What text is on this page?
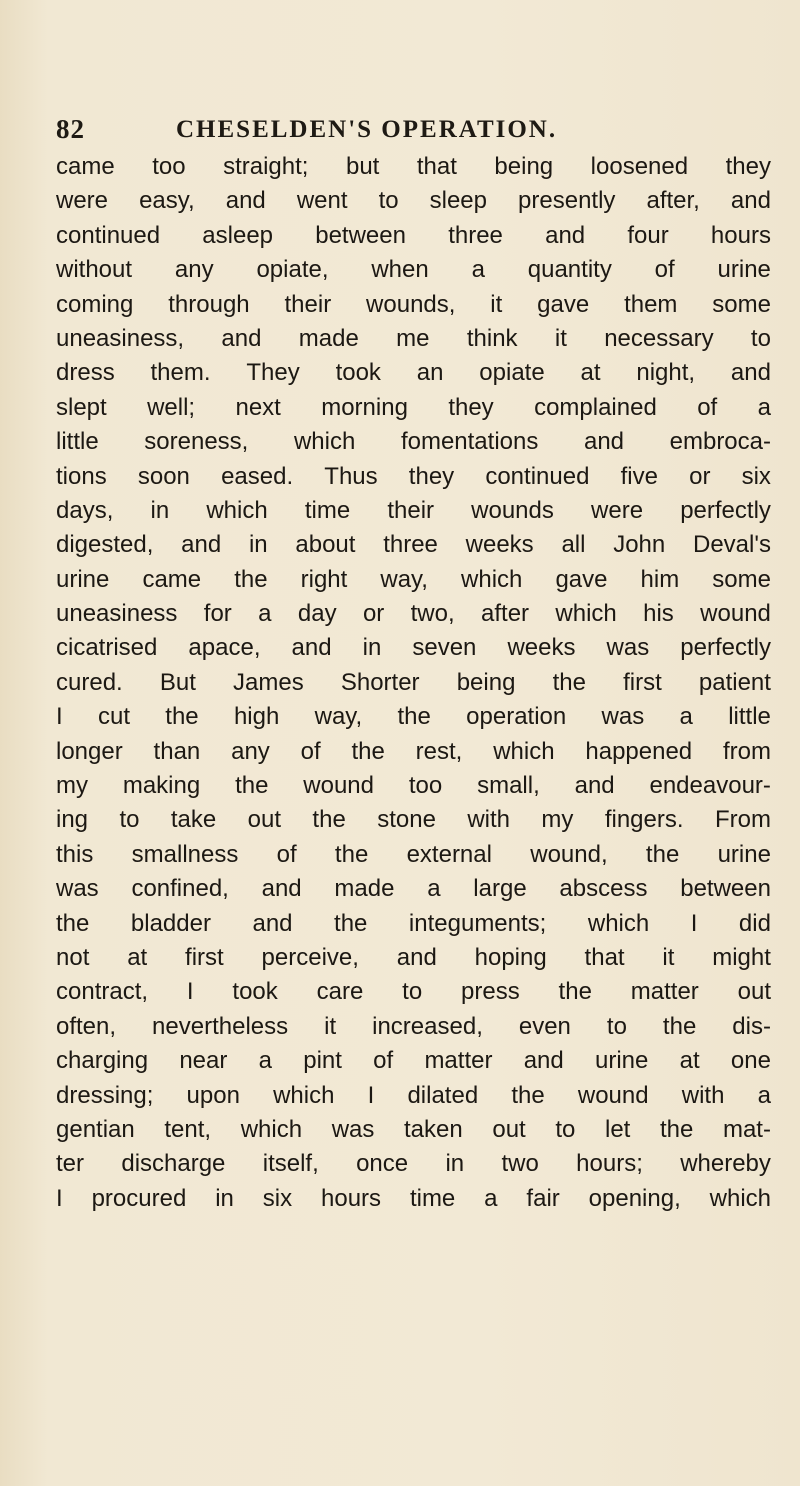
82	CHESELDEN'S OPERATION.
came too straight; but that being loosened they
were easy, and went to sleep presently after, and
continued asleep between three and four hours
without any opiate, when a quantity of urine
coming through their wounds, it gave them some
uneasiness, and made me think it necessary to
dress them. They took an opiate at night, and
slept well; next morning they complained of a
little soreness, which fomentations and embroca-
tions soon eased. Thus they continued five or six
days, in which time their wounds were perfectly
digested, and in about three weeks all John Deval's
urine came the right way, which gave him some
uneasiness for a day or two, after which his wound
cicatrised apace, and in seven weeks was perfectly
cured. But James Shorter being the first patient
I cut the high way, the operation was a little
longer than any of the rest, which happened from
my making the wound too small, and endeavour-
ing to take out the stone with my fingers. From
this smallness of the external wound, the urine
was confined, and made a large abscess between
the bladder and the integuments; which I did
not at first perceive, and hoping that it might
contract, I took care to press the matter out
often, nevertheless it increased, even to the dis-
charging near a pint of matter and urine at one
dressing; upon which I dilated the wound with a
gentian tent, which was taken out to let the mat-
ter discharge itself, once in two hours; whereby
I procured in six hours time a fair opening, which
